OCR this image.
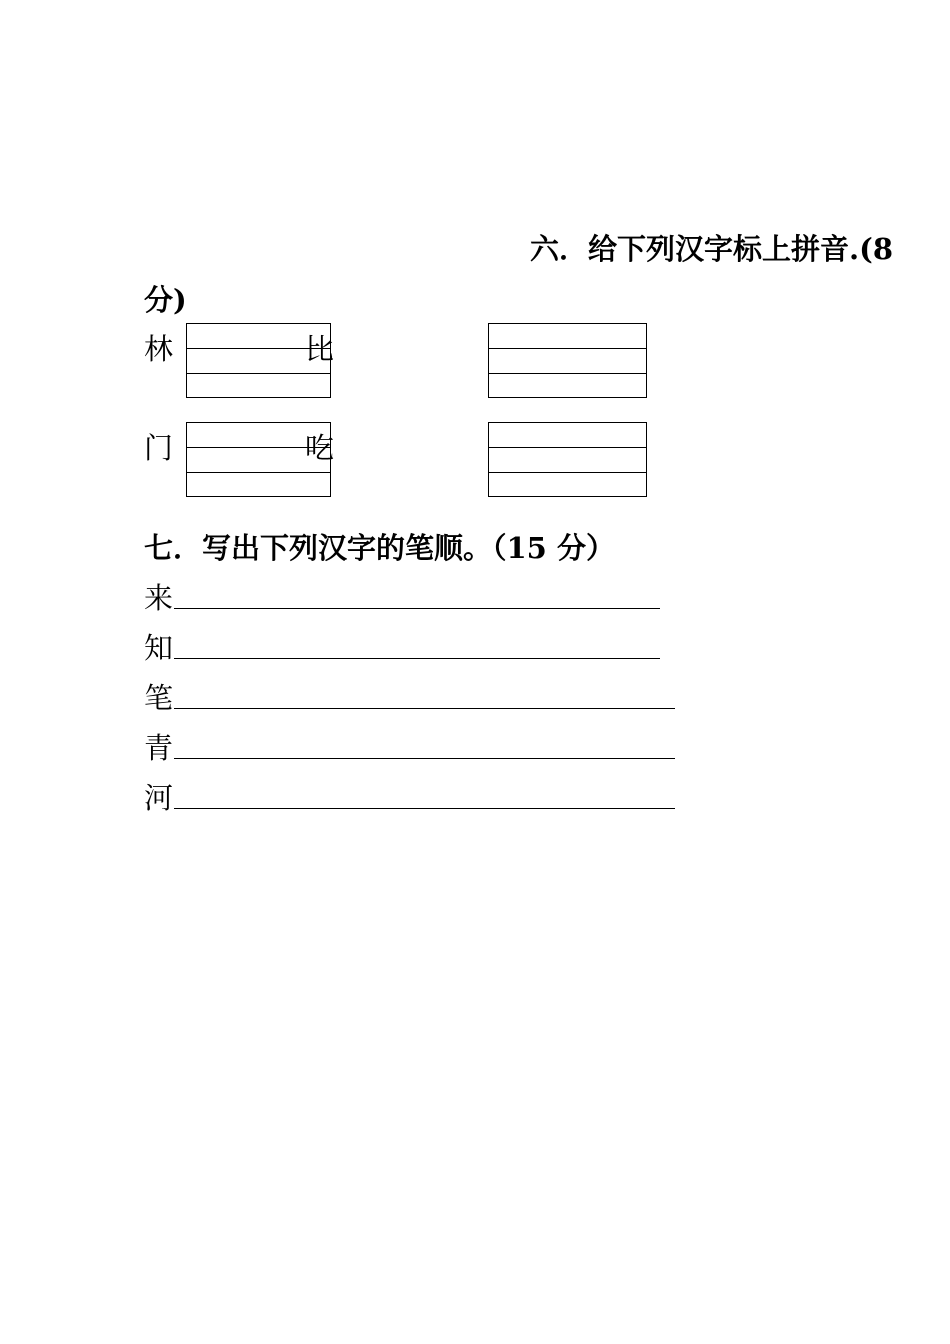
六．给下列汉字标上拼音.(8
分)
林	比
门	吃
七．写出下列汉字的笔顺。（15 分）
来
知
笔
青
河
